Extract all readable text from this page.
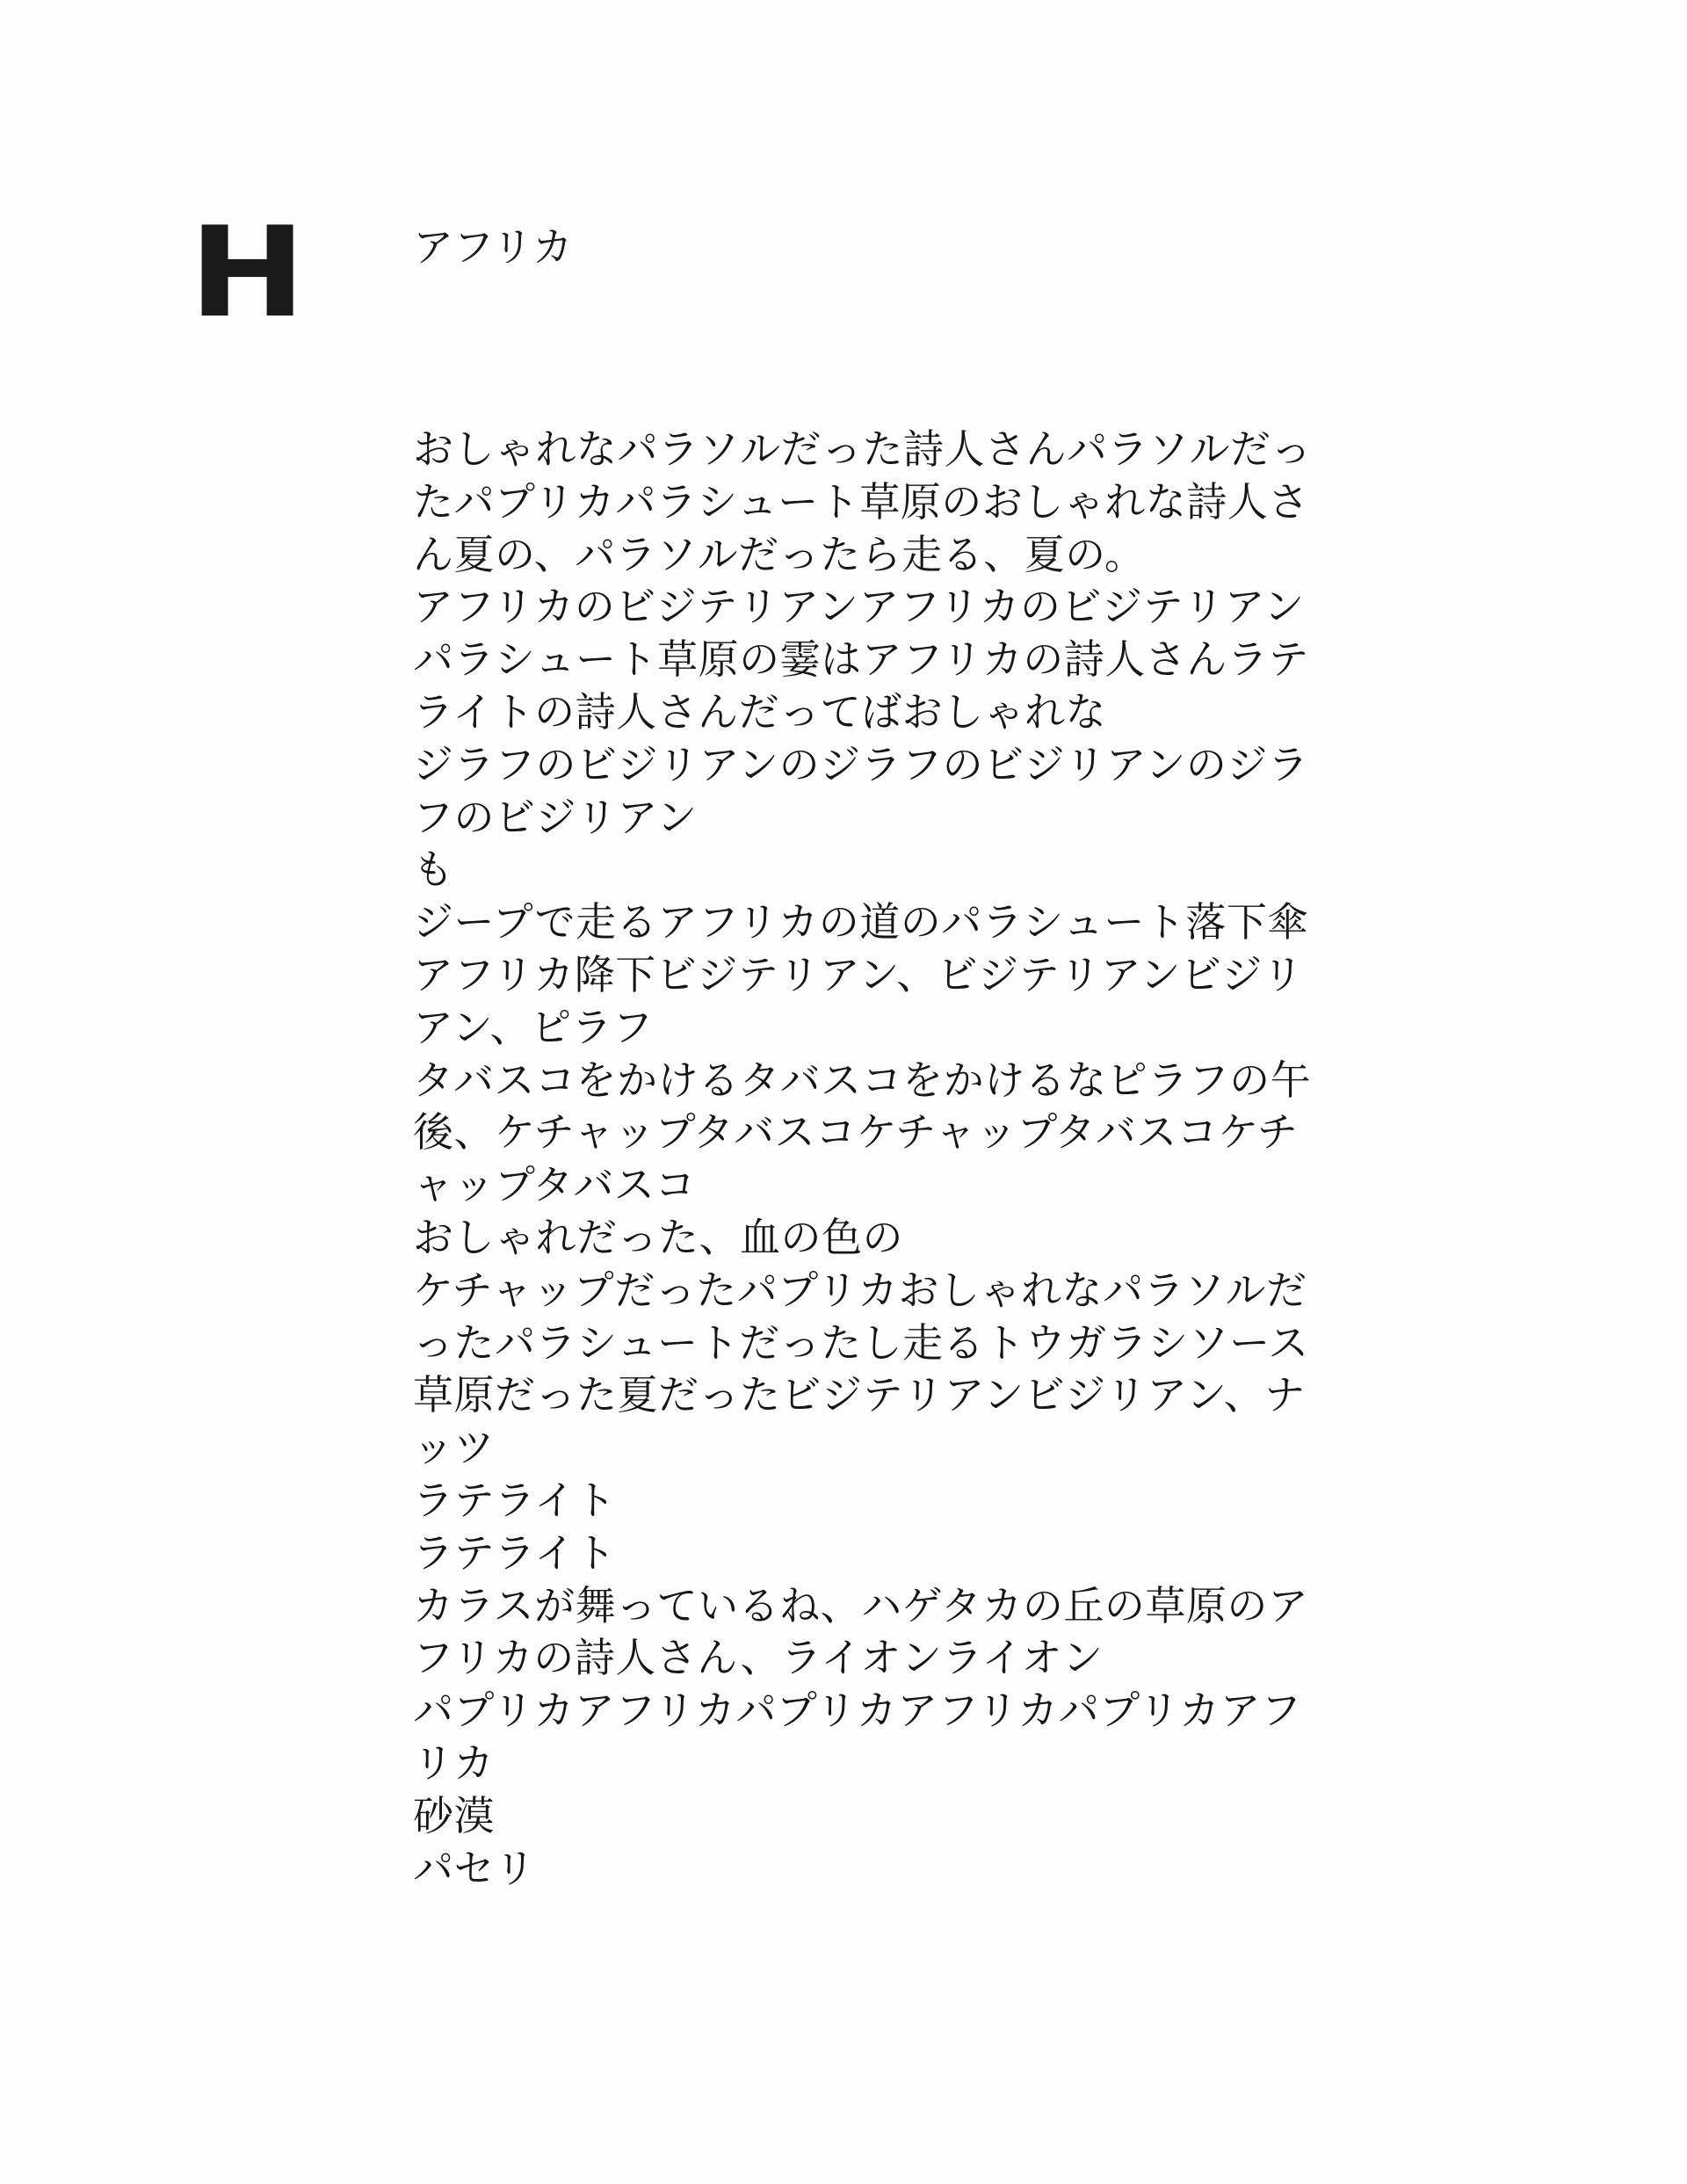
H	アフリカ
おしゃれなパラソルだった詩人さんパラソルだっ
たパプリカパラシュート草原のおしゃれな詩人さ
ん夏の、パラソルだったら走る、夏の。
アフリカのビジテリアンアフリカのビジテリアン
パラシュート草原の霎はアフリカの詩人さんラテ
ライトの詩人さんだってばおしゃれな
ジラフのビジリアンのジラフのビジリアンのジラ
フのビジリアン
も
ジープで走るアフリカの道のパラシュート落下傘
アフリカ降下ビジテリアン、ビジテリアンビジリ
アン、ピラフ
タバスコをかけるタバスコをかけるなピラフの午
後、ケチャップタバスコケチャップタバスコケチ
ャップタバスコ
おしゃれだった、血の色の
ケチャップだったパプリカおしゃれなパラソルだ
ったパラシュートだったし走るトウガラシソース
草原だった夏だったビジテリアンビジリアン、ナ
ッツ
ラテライト
ラテライト
カラスが舞っているね、ハゲタカの丘の草原のア
フリカの詩人さん、ライオンライオン
パプリカアフリカパプリカアフリカパプリカアフ
リカ
砂漠
パセリ
